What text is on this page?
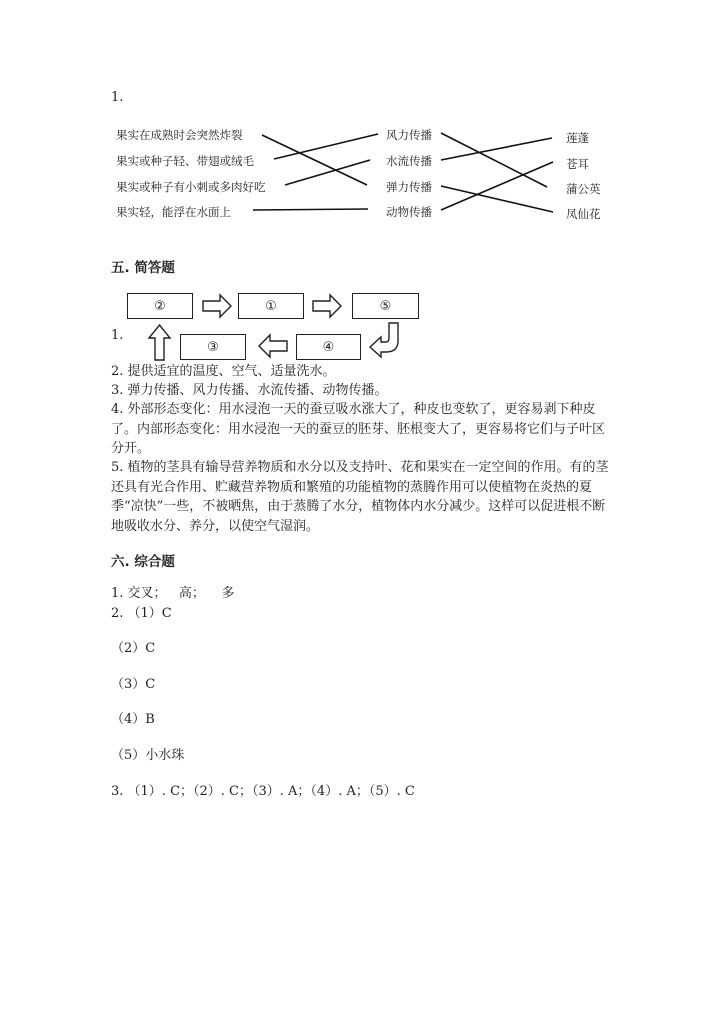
1.
果实在成熟时会突然炸裂
果实或种子轻、带翅或绒毛
果实或种子有小刺或多肉好吃
果实轻，能浮在水面上
风力传播
水流传播
弹力传播
动物传播
莲蓬
苍耳
蒲公英
凤仙花
五. 简答题
②	①	⑤
④
③
1.
2. 提供适宜的温度、空气、适量洗水。
3. 弹力传播、风力传播、水流传播、动物传播。
4. 外部形态变化：用水浸泡一天的蚕豆吸水涨大了，种皮也变软了，更容易剥下种皮了。内部形态变化：用水浸泡一天的蚕豆的胚芽、胚根变大了，更容易将它们与子叶区分开。
5. 植物的茎具有输导营养物质和水分以及支持叶、花和果实在一定空间的作用。有的茎还具有光合作用、贮藏营养物质和繁殖的功能植物的蒸腾作用可以使植物在炎热的夏季“凉快”一些，不被晒焦，由于蒸腾了水分，植物体内水分减少。这样可以促进根不断地吸收水分、养分，以使空气湿润。
六. 综合题
1. 交叉；   高；    多
2. （1）C
（2）C
（3）C
（4）B
（5）小水珠
3. （1）. C；（2）. C；（3）. A；（4）. A；（5）. C
